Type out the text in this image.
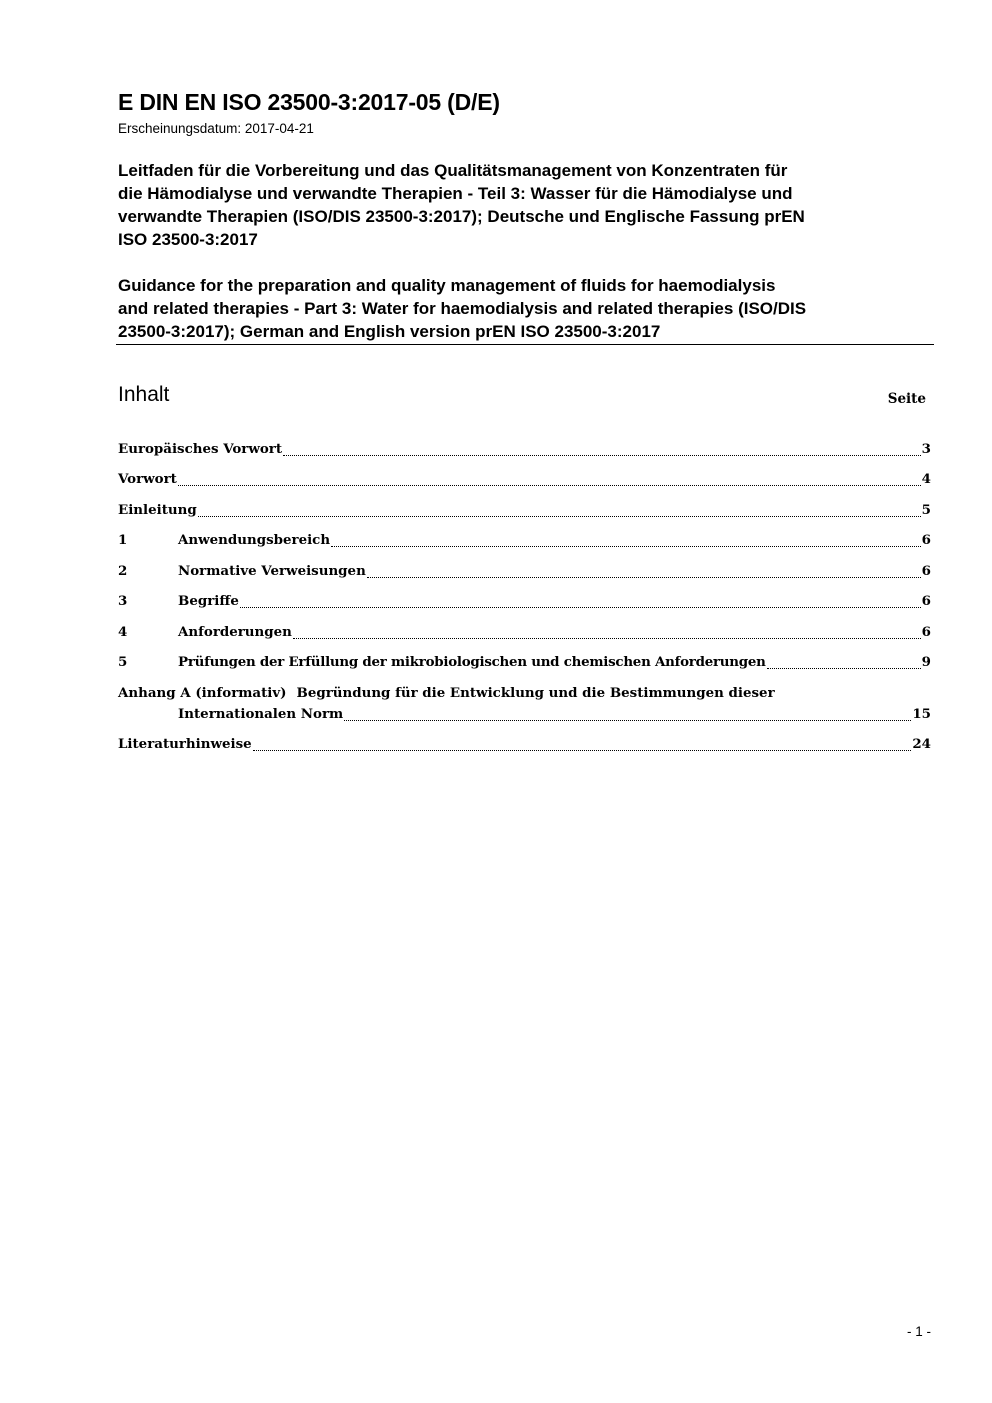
E DIN EN ISO 23500-3:2017-05 (D/E)
Erscheinungsdatum: 2017-04-21
Leitfaden für die Vorbereitung und das Qualitätsmanagement von Konzentraten für
die Hämodialyse und verwandte Therapien - Teil 3: Wasser für die Hämodialyse und
verwandte Therapien (ISO/DIS 23500-3:2017); Deutsche und Englische Fassung prEN
ISO 23500-3:2017
Guidance for the preparation and quality management of fluids for haemodialysis
and related therapies - Part 3: Water for haemodialysis and related therapies (ISO/DIS
23500-3:2017); German and English version prEN ISO 23500-3:2017
Inhalt	Seite
Europäisches Vorwort	3
Vorwort	4
Einleitung	5
1	Anwendungsbereich	6
2	Normative Verweisungen	6
3	Begriffe	6
4	Anforderungen	6
5	Prüfungen der Erfüllung der mikrobiologischen und chemischen Anforderungen	9
Anhang A (informativ) Begründung für die Entwicklung und die Bestimmungen dieser
Internationalen Norm	15
Literaturhinweise	24
- 1 -
